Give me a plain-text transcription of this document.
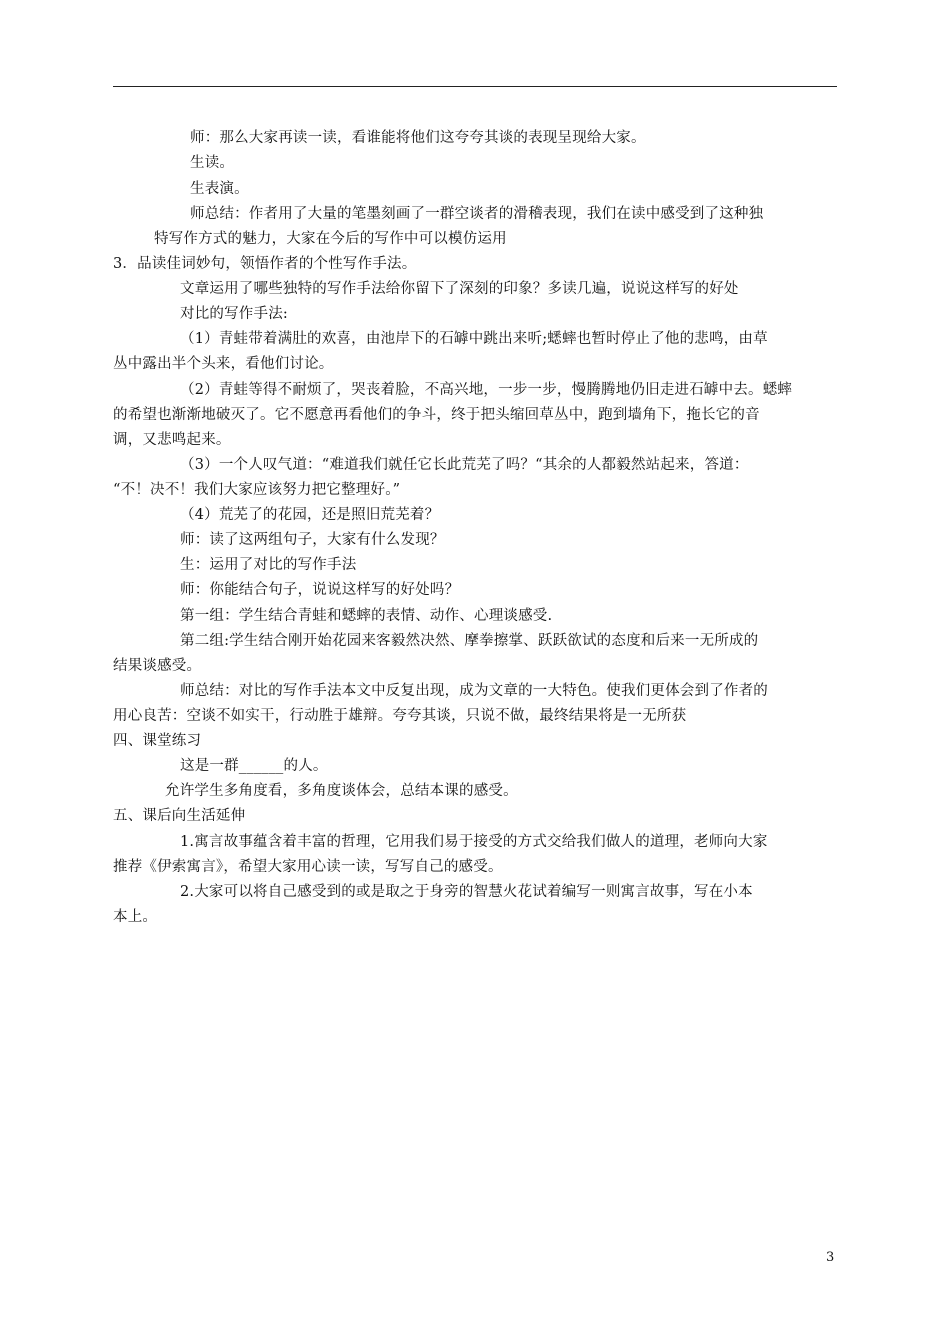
师：那么大家再读一读，看谁能将他们这夸夸其谈的表现呈现给大家。
生读。
生表演。
师总结：作者用了大量的笔墨刻画了一群空谈者的滑稽表现，我们在读中感受到了这种独
特写作方式的魅力，大家在今后的写作中可以模仿运用
3．品读佳词妙句，领悟作者的个性写作手法。
文章运用了哪些独特的写作手法给你留下了深刻的印象？多读几遍，说说这样写的好处
对比的写作手法:
（1）青蛙带着满肚的欢喜，由池岸下的石罅中跳出来听;蟋蟀也暂时停止了他的悲鸣，由草
丛中露出半个头来，看他们讨论。
（2）青蛙等得不耐烦了，哭丧着脸，不高兴地，一步一步，慢腾腾地仍旧走进石罅中去。蟋蟀
的希望也渐渐地破灭了。它不愿意再看他们的争斗，终于把头缩回草丛中，跑到墙角下，拖长它的音
调，又悲鸣起来。
（3）一个人叹气道：“难道我们就任它长此荒芜了吗？“其余的人都毅然站起来，答道：
“不！决不！我们大家应该努力把它整理好。”
（4）荒芜了的花园，还是照旧荒芜着？
师：读了这两组句子，大家有什么发现？
生：运用了对比的写作手法
师：你能结合句子，说说这样写的好处吗？
第一组：学生结合青蛙和蟋蟀的表情、动作、心理谈感受.
第二组:学生结合刚开始花园来客毅然决然、摩拳擦掌、跃跃欲试的态度和后来一无所成的
结果谈感受。
师总结：对比的写作手法本文中反复出现，成为文章的一大特色。使我们更体会到了作者的
用心良苦：空谈不如实干，行动胜于雄辩。夸夸其谈，只说不做，最终结果将是一无所获
四、课堂练习
这是一群______的人。
允许学生多角度看，多角度谈体会，总结本课的感受。
五、课后向生活延伸
1.寓言故事蕴含着丰富的哲理，它用我们易于接受的方式交给我们做人的道理，老师向大家
推荐《伊索寓言》，希望大家用心读一读，写写自己的感受。
2.大家可以将自己感受到的或是取之于身旁的智慧火花试着编写一则寓言故事，写在小本
本上。
3
